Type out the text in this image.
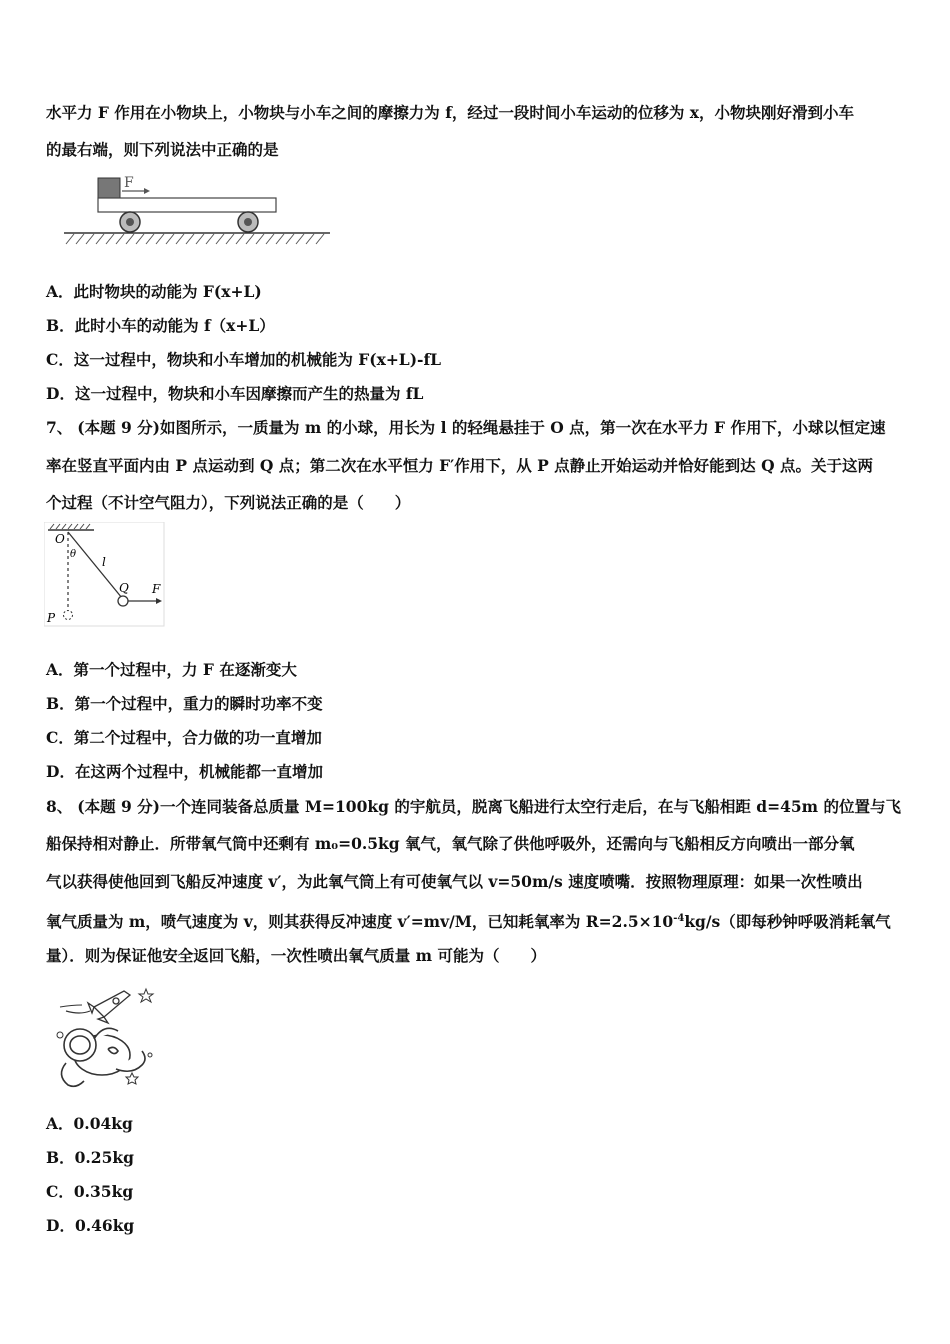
水平力 F 作用在小物块上，小物块与小车之间的摩擦力为 f，经过一段时间小车运动的位移为 x，小物块刚好滑到小车
的最右端，则下列说法中正确的是
F
A．此时物块的动能为 F(x+L)
B．此时小车的动能为 f（x+L）
C．这一过程中，物块和小车增加的机械能为 F(x+L)-fL
D．这一过程中，物块和小车因摩擦而产生的热量为 fL
7、 (本题 9 分)如图所示，一质量为 m 的小球，用长为 l 的轻绳悬挂于 O 点，第一次在水平力 F 作用下，小球以恒定速
率在竖直平面内由 P 点运动到 Q 点；第二次在水平恒力 F′作用下，从 P 点静止开始运动并恰好能到达 Q 点。关于这两
个过程（不计空气阻力），下列说法正确的是（　　）
O
θ
l
Q F
P
A．第一个过程中，力 F 在逐渐变大
B．第一个过程中，重力的瞬时功率不变
C．第二个过程中，合力做的功一直增加
D．在这两个过程中，机械能都一直增加
8、 (本题 9 分)一个连同装备总质量 M=100kg 的宇航员，脱离飞船进行太空行走后，在与飞船相距 d=45m 的位置与飞
船保持相对静止．所带氧气筒中还剩有 m₀=0.5kg 氧气，氧气除了供他呼吸外，还需向与飞船相反方向喷出一部分氧
气以获得使他回到飞船反冲速度 v′，为此氧气筒上有可使氧气以 v=50m/s 速度喷嘴．按照物理原理：如果一次性喷出
氧气质量为 m，喷气速度为 v，则其获得反冲速度 v′=mv/M，已知耗氧率为 $R=2.5\times 10^{-4}kg/s$（即每秒钟呼吸消耗氧气
量）．则为保证他安全返回飞船，一次性喷出氧气质量 m 可能为（　　）
A．0.04kg
B．0.25kg
C．0.35kg
D．0.46kg
